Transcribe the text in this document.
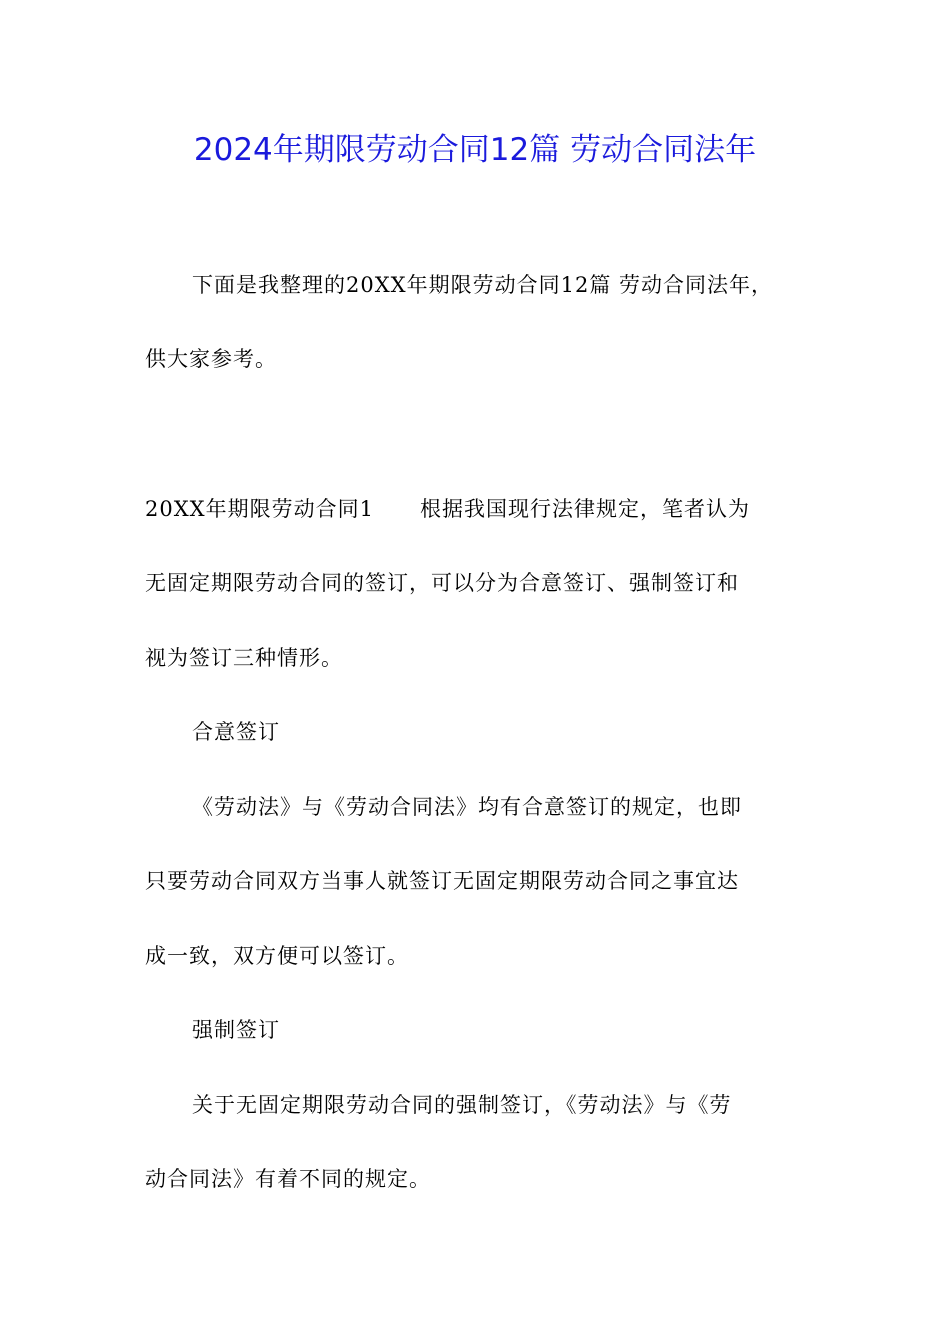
2024年期限劳动合同12篇 劳动合同法年
下面是我整理的20XX年期限劳动合同12篇 劳动合同法年，
供大家参考。
20XX年期限劳动合同1      根据我国现行法律规定，笔者认为
无固定期限劳动合同的签订，可以分为合意签订、强制签订和
视为签订三种情形。
合意签订
《劳动法》与《劳动合同法》均有合意签订的规定，也即
只要劳动合同双方当事人就签订无固定期限劳动合同之事宜达
成一致，双方便可以签订。
强制签订
关于无固定期限劳动合同的强制签订，《劳动法》与《劳
动合同法》有着不同的规定。
